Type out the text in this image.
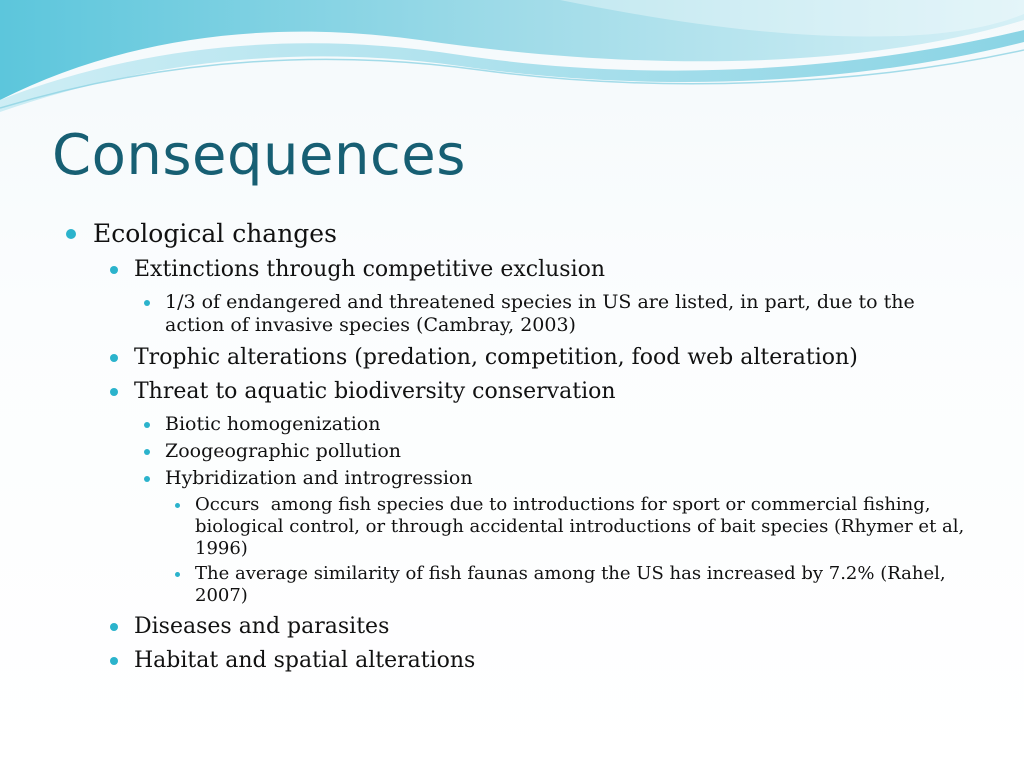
Consequences
Ecological changes
Extinctions through competitive exclusion
1/3 of endangered and threatened species in US are listed, in part, due to the action of invasive species (Cambray, 2003)
Trophic alterations (predation, competition, food web alteration)
Threat to aquatic biodiversity conservation
Biotic homogenization
Zoogeographic pollution
Hybridization and introgression
Occurs  among fish species due to introductions for sport or commercial fishing, biological control, or through accidental introductions of bait species (Rhymer et al, 1996)
The average similarity of fish faunas among the US has increased by 7.2% (Rahel, 2007)
Diseases and parasites
Habitat and spatial alterations
